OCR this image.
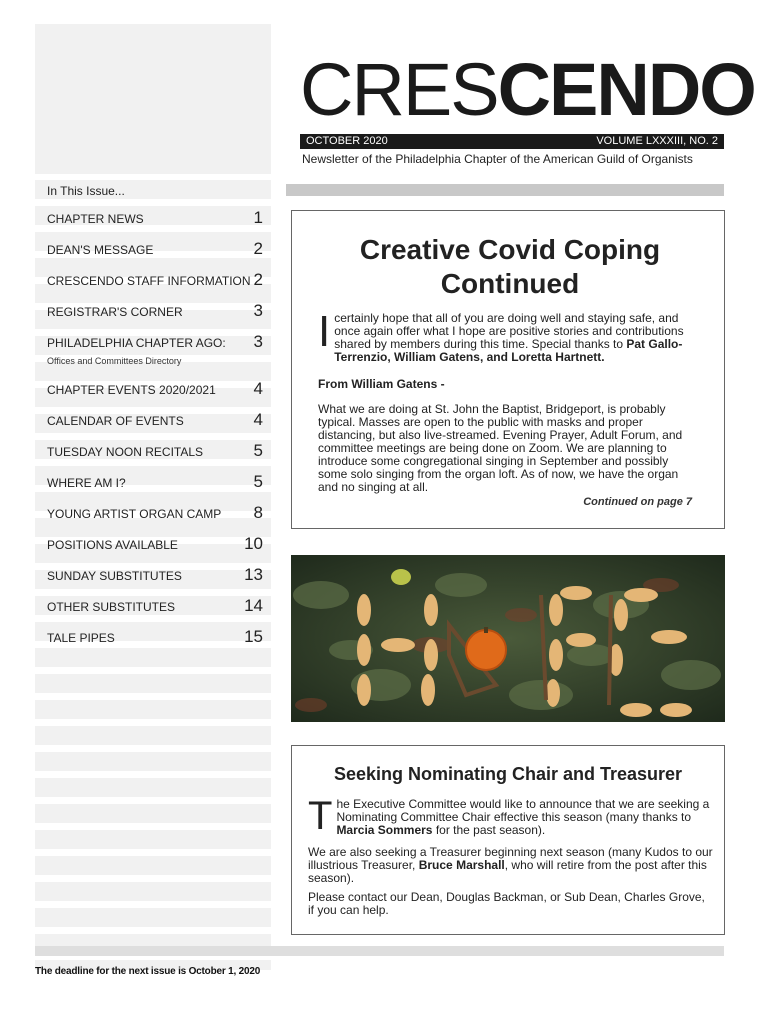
CRESCENDO
OCTOBER 2020	VOLUME LXXXIII, NO. 2
Newsletter of the Philadelphia Chapter of the American Guild of Organists
In This Issue...
CHAPTER NEWS	1
DEAN'S MESSAGE	2
CRESCENDO STAFF INFORMATION 2
REGISTRAR'S CORNER	3
PHILADELPHIA CHAPTER AGO: 3
CHAPTER EVENTS 2020/2021 4
CALENDAR OF EVENTS	4
TUESDAY NOON RECITALS	5
WHERE AM I?	5
YOUNG ARTIST ORGAN CAMP 8
POSITIONS AVAILABLE	10
SUNDAY SUBSTITUTES	13
OTHER SUBSTITUTES	14
TALE PIPES	15
Offices and Committees Directory
Creative Covid Coping Continued
Icertainly hope that all of you are doing well and staying safe, and once again offer what I hope are positive stories and contributions shared by members during this time. Special thanks to Pat Gallo-Terrenzio, William Gatens, and Loretta Hartnett.
From William Gatens -
What we are doing at St. John the Baptist, Bridgeport, is probably typical. Masses are open to the public with masks and proper distancing, but also live-streamed. Evening Prayer, Adult Forum, and committee meetings are being done on Zoom. We are planning to introduce some congregational singing in September and possibly some solo singing from the organ loft. As of now, we have the organ and no singing at all.
Continued on page 7
Seeking Nominating Chair and Treasurer
The Executive Committee would like to announce that we are seeking a Nominating Committee Chair effective this season (many thanks to Marcia Sommers for the past season).
We are also seeking a Treasurer beginning next season (many Kudos to our illustrious Treasurer, Bruce Marshall, who will retire from the post after this season).
Please contact our Dean, Douglas Backman, or Sub Dean, Charles Grove, if you can help.
The deadline for the next issue is October 1, 2020
